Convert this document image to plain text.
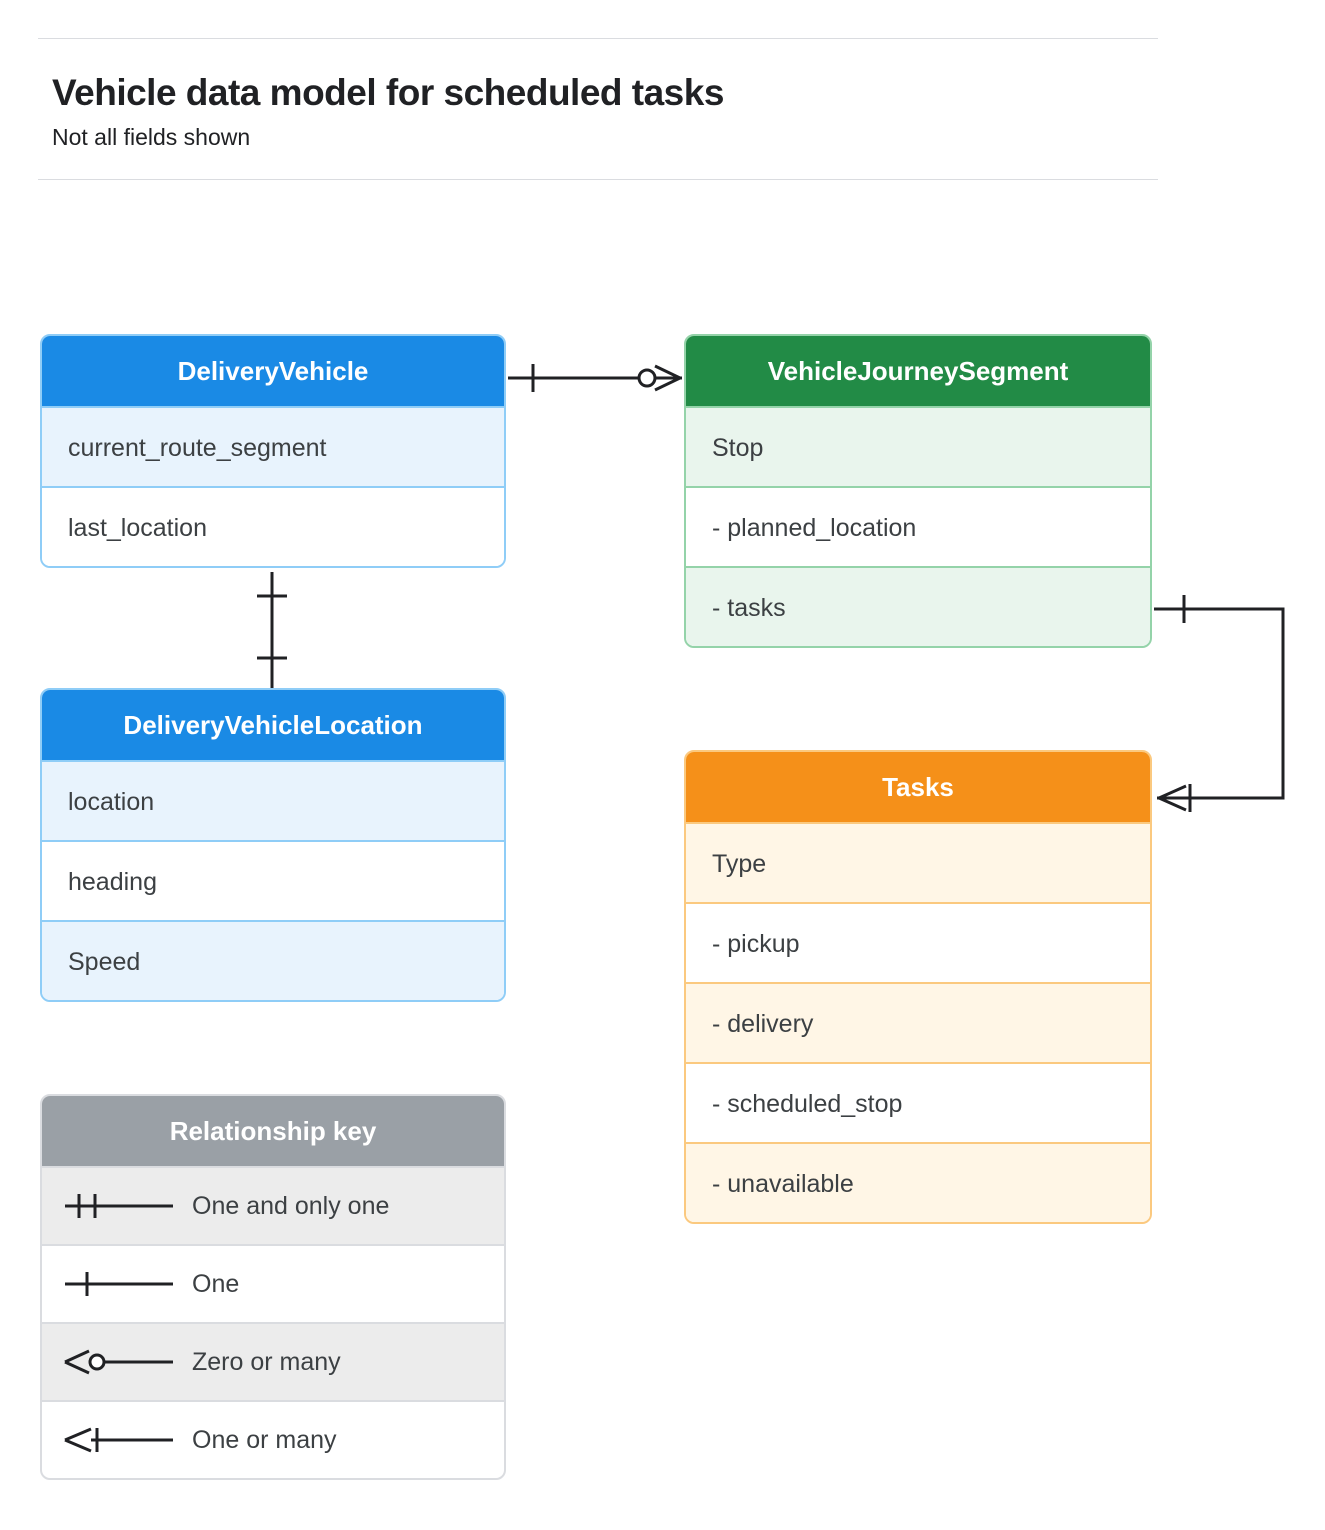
Vehicle data model for scheduled tasks

Not all fields shown

DeliveryVehicle
current_route_segment
last_location
DeliveryVehicleLocation
location
heading
Speed
VehicleJourneySegment
Stop
- planned_location
- tasks
Tasks
Type
- pickup
- delivery
- scheduled_stop
- unavailable
Relationship key
One and only one
One
Zero or many
One or many
